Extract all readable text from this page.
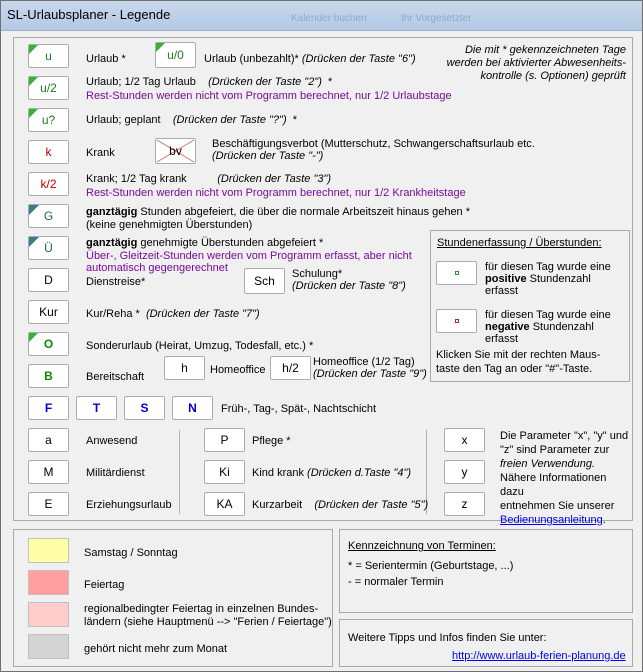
SL-Urlaubsplaner - Legende	Kalender buchen	Ihr Vorgesetzter
Die mit * gekennzeichneten Tage
werden bei aktivierter Abwesenheits-
kontrolle (s. Optionen) geprüft
u	Urlaub *	u/0 Urlaub (unbezahlt)* (Drücken der Taste "6")
u/2	Urlaub; 1/2 Tag Urlaub (Drücken der Taste "2") *
Rest-Stunden werden nicht vom Programm berechnet, nur 1/2 Urlaubstage
u?	Urlaub; geplant (Drücken der Taste "?") *
k	Krank	bv	Beschäftigungsverbot (Mutterschutz, Schwangerschaftsurlaub etc.
(Drücken der Taste "-")
k/2	Krank; 1/2 Tag krank	(Drücken der Taste "3")
Rest-Stunden werden nicht vom Programm berechnet, nur 1/2 Krankheitstage
G	ganztägig Stunden abgefeiert, die über die normale Arbeitszeit hinaus gehen *
(keine genehmigten Überstunden)
Ü	ganztägig genehmigte Überstunden abgefeiert *
Über-, Gleitzeit-Stunden werden vom Programm erfasst, aber nicht
automatisch gegengerechnet
D	Dienstreise*	Sch Schulung*
(Drücken der Taste "8")
Kur	Kur/Reha * (Drücken der Taste "7")
O	Sonderurlaub (Heirat, Umzug, Todesfall, etc.) *
B	Bereitschaft
h Homeoffice h/2 Homeoffice (1/2 Tag)
(Drücken der Taste "9")
F	T	S	N Früh-, Tag-, Spät-, Nachtschicht
a	Anwesend
M	Militärdienst
E	Erziehungsurlaub
P Pflege *
Ki Kind krank (Drücken d.Taste "4")
KA Kurzarbeit (Drücken der Taste "5")
x
y
z
Die Parameter "x", "y" und
"z" sind Parameter zur
freien Verwendung.
Nähere Informationen dazu
entnehmen Sie unserer
Bedienungsanleitung.
Stundenerfassung / Überstunden:
für diesen Tag wurde eine
positive Stundenzahl
erfasst
für diesen Tag wurde eine
negative Stundenzahl
erfasst
Klicken Sie mit der rechten Maus-
taste den Tag an oder "#"-Taste.
Samstag / Sonntag
Feiertag
regionalbedingter Feiertag in einzelnen Bundes-
ländern (siehe Hauptmenü --> "Ferien / Feiertage")
gehört nicht mehr zum Monat
Kennzeichnung von Terminen:
* = Serientermin (Geburtstage, ...)
- = normaler Termin
Weitere Tipps und Infos finden Sie unter:
http://www.urlaub-ferien-planung.de
